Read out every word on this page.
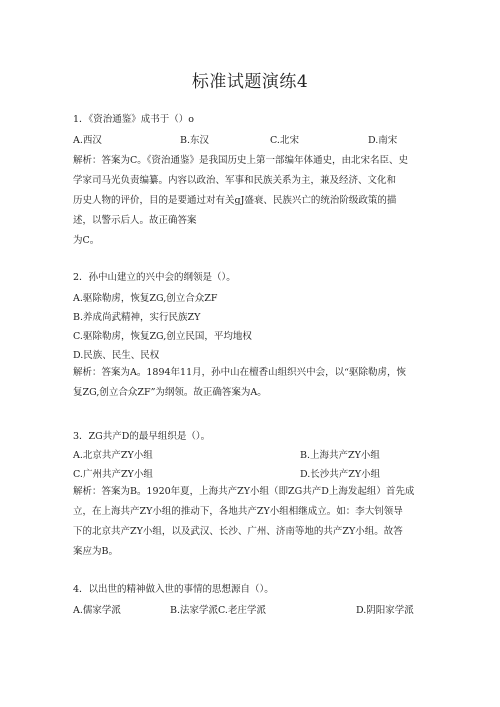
标准试题演练4
1．《资治通鉴》成书于（）o
A.西汉	B.东汉	C.北宋	D.南宋
解析：答案为C。《资治通鉴》是我国历史上第一部编年体通史，由北宋名臣、史
学家司马光负责编纂。内容以政治、军事和民族关系为主，兼及经济、文化和
历史人物的评价，目的是要通过对有关gJ盛衰、民族兴亡的统治阶级政策的描
述，以警示后人。故正确答案
为C。
2．孙中山建立的兴中会的纲领是（）。
A.驱除勒虏，恢复ZG,创立合众ZF
B.养成尚武精神，实行民族ZY
C.驱除勒虏，恢复ZG,创立民国，平均地权
D.民族、民生、民权
解析：答案为A。1894年11月，孙中山在檀香山组织兴中会，以“驱除勒虏，恢
复ZG,创立合众ZF”为纲领。故正确答案为A。
3．ZG共产D的最早组织是（）。
A.北京共产ZY小组	B.上海共产ZY小组
C.广州共产ZY小组	D.长沙共产ZY小组
解析：答案为B。1920年夏，上海共产ZY小组（即ZG共产D上海发起组）首先成
立，在上海共产ZY小组的推动下，各地共产ZY小组相继成立。如：李大钊领导
下的北京共产ZY小组，以及武汉、长沙、广州、济南等地的共产ZY小组。故答
案应为B。
4．以出世的精神做入世的事情的思想源自（）。
A.儒家学派	B.法家学派C.老庄学派	D.阴阳家学派
